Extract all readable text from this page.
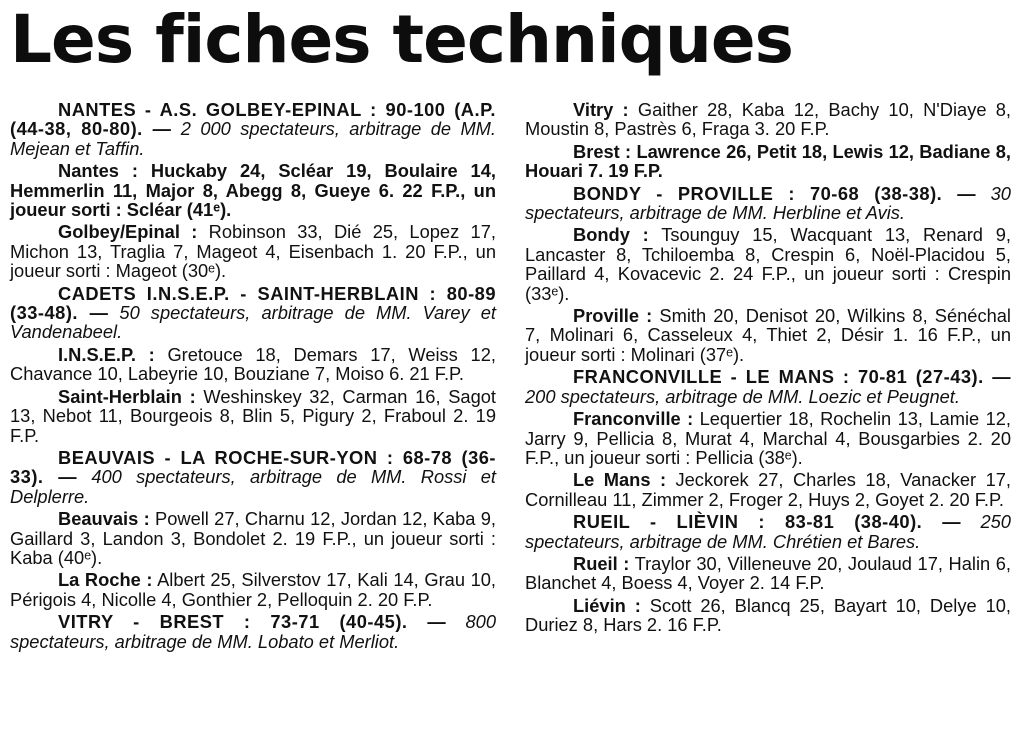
Les fiches techniques

NANTES - A.S. GOLBEY-EPINAL : 90-100 (A.P. (44-38, 80-80). — 2 000 spectateurs, arbitrage de MM. Mejean et Taffin.

Nantes : Huckaby 24, Scléar 19, Boulaire 14, Hemmerlin 11, Major 8, Abegg 8, Gueye 6. 22 F.P., un joueur sorti : Scléar (41ᵉ).

Golbey/Epinal : Robinson 33, Dié 25, Lopez 17, Michon 13, Traglia 7, Mageot 4, Eisenbach 1. 20 F.P., un joueur sorti : Mageot (30ᵉ).

CADETS I.N.S.E.P. - SAINT-HERBLAIN : 80-89 (33-48). — 50 spectateurs, arbitrage de MM. Varey et Vandenabeel.

I.N.S.E.P. : Gretouce 18, Demars 17, Weiss 12, Chavance 10, Labeyrie 10, Bouziane 7, Moiso 6. 21 F.P.

Saint-Herblain : Weshinskey 32, Carman 16, Sagot 13, Nebot 11, Bourgeois 8, Blin 5, Pigury 2, Fraboul 2. 19 F.P.

BEAUVAIS - LA ROCHE-SUR-YON : 68-78 (36-33). — 400 spectateurs, arbitrage de MM. Rossi et Delplerre.

Beauvais : Powell 27, Charnu 12, Jordan 12, Kaba 9, Gaillard 3, Landon 3, Bondolet 2. 19 F.P., un joueur sorti : Kaba (40ᵉ).

La Roche : Albert 25, Silverstov 17, Kali 14, Grau 10, Périgois 4, Nicolle 4, Gonthier 2, Pelloquin 2. 20 F.P.

VITRY - BREST : 73-71 (40-45). — 800 spectateurs, arbitrage de MM. Lobato et Merliot.

Vitry : Gaither 28, Kaba 12, Bachy 10, N'Diaye 8, Moustin 8, Pastrès 6, Fraga 3. 20 F.P.

Brest : Lawrence 26, Petit 18, Lewis 12, Badiane 8, Houari 7. 19 F.P.

BONDY - PROVILLE : 70-68 (38-38). — 30 spectateurs, arbitrage de MM. Herbline et Avis.

Bondy : Tsounguy 15, Wacquant 13, Renard 9, Lancaster 8, Tchiloemba 8, Crespin 6, Noël-Placidou 5, Paillard 4, Kovacevic 2. 24 F.P., un joueur sorti : Crespin (33ᵉ).

Proville : Smith 20, Denisot 20, Wilkins 8, Sénéchal 7, Molinari 6, Casseleux 4, Thiet 2, Désir 1. 16 F.P., un joueur sorti : Molinari (37ᵉ).

FRANCONVILLE - LE MANS : 70-81 (27-43). — 200 spectateurs, arbitrage de MM. Loezic et Peugnet.

Franconville : Lequertier 18, Rochelin 13, Lamie 12, Jarry 9, Pellicia 8, Murat 4, Marchal 4, Bousgarbies 2. 20 F.P., un joueur sorti : Pellicia (38ᵉ).

Le Mans : Jeckorek 27, Charles 18, Vanacker 17, Cornilleau 11, Zimmer 2, Froger 2, Huys 2, Goyet 2. 20 F.P.

RUEIL - LIÈVIN : 83-81 (38-40). — 250 spectateurs, arbitrage de MM. Chrétien et Bares.

Rueil : Traylor 30, Villeneuve 20, Joulaud 17, Halin 6, Blanchet 4, Boess 4, Voyer 2. 14 F.P.

Liévin : Scott 26, Blancq 25, Bayart 10, Delye 10, Duriez 8, Hars 2. 16 F.P.
